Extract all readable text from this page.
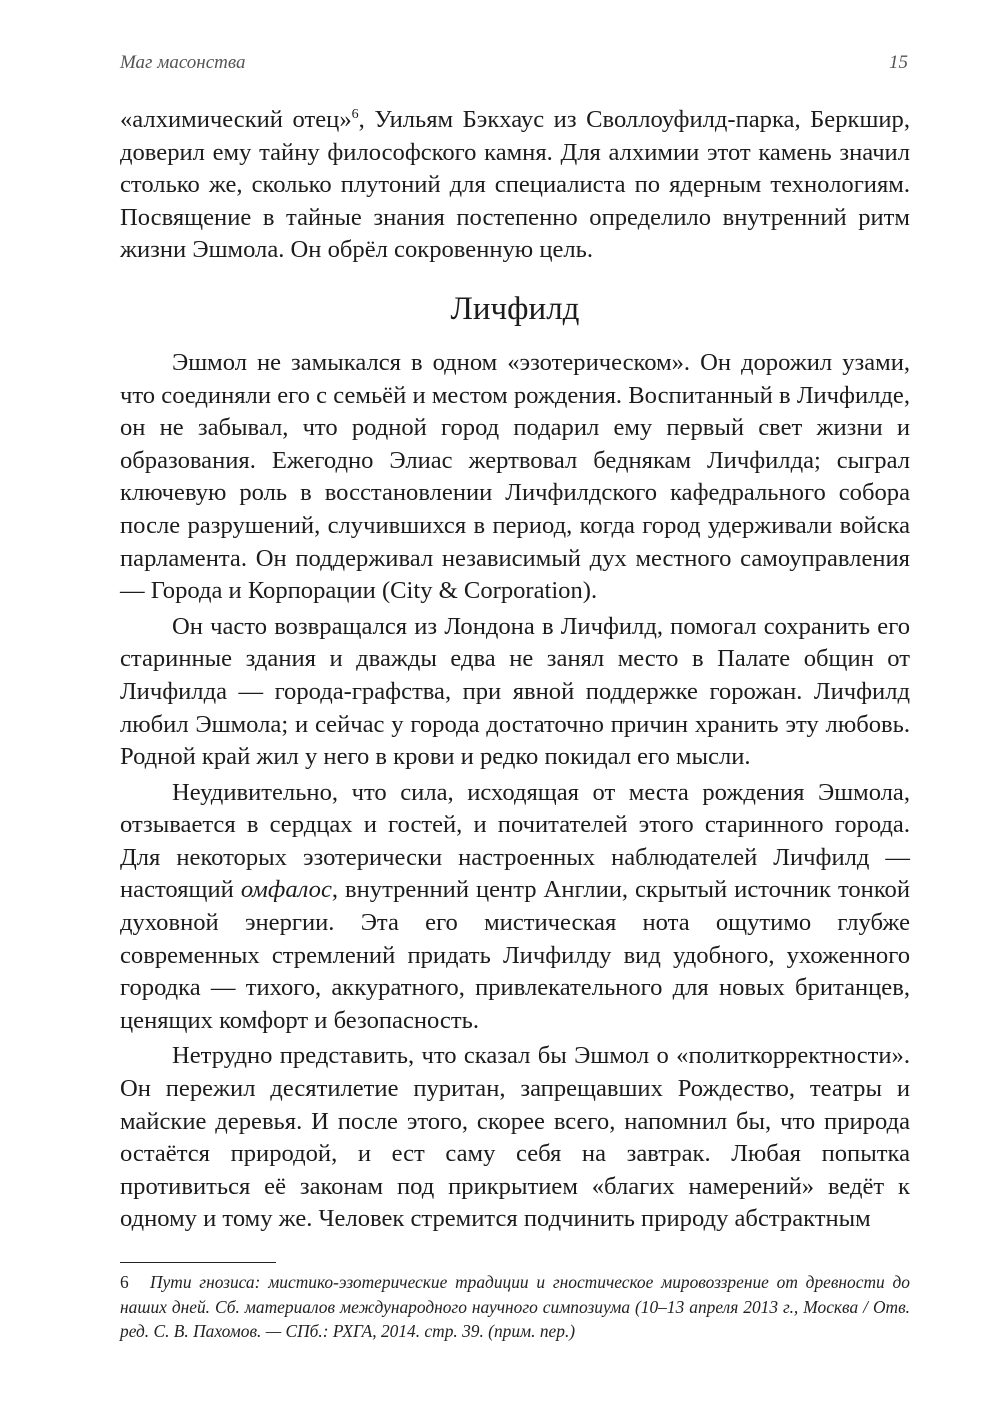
Маг масонства	15

«алхимический отец»$^6$, Уильям Бэкхаус из Своллоуфилд-парка, Беркшир, доверил ему тайну философского камня. Для алхимии этот камень значил столько же, сколько плутоний для специалиста по ядерным технологиям. Посвящение в тайные знания постепенно определило внутренний ритм жизни Эшмола. Он обрёл сокровенную цель.

Личфилд

Эшмол не замыкался в одном «эзотерическом». Он дорожил узами, что соединяли его с семьёй и местом рождения. Воспитанный в Личфилде, он не забывал, что родной город подарил ему первый свет жизни и образования. Ежегодно Элиас жертвовал беднякам Личфилда; сыграл ключевую роль в восстановлении Личфилдского кафедрального собора после разрушений, случившихся в период, когда город удерживали войска парламента. Он поддерживал независимый дух местного самоуправления — Города и Корпорации (City & Corporation).

Он часто возвращался из Лондона в Личфилд, помогал сохранить его старинные здания и дважды едва не занял место в Палате общин от Личфилда — города-графства, при явной поддержке горожан. Личфилд любил Эшмола; и сейчас у города достаточно причин хранить эту любовь. Родной край жил у него в крови и редко покидал его мысли.

Неудивительно, что сила, исходящая от места рождения Эшмола, отзывается в сердцах и гостей, и почитателей этого старинного города. Для некоторых эзотерически настроенных наблюдателей Личфилд — настоящий омфалос, внутренний центр Англии, скрытый источник тонкой духовной энергии. Эта его мистическая нота ощутимо глубже современных стремлений придать Личфилду вид удобного, ухоженного городка — тихого, аккуратного, привлекательного для новых британцев, ценящих комфорт и безопасность.

Нетрудно представить, что сказал бы Эшмол о «политкорректности». Он пережил десятилетие пуритан, запрещавших Рождество, театры и майские деревья. И после этого, скорее всего, напомнил бы, что природа остаётся природой, и ест саму себя на завтрак. Любая попытка противиться её законам под прикрытием «благих намерений» ведёт к одному и тому же. Человек стремится подчинить природу абстрактным

6 Пути гнозиса: мистико-эзотерические традиции и гностическое мировоззрение от древности до наших дней. Сб. материалов международного научного симпозиума (10–13 апреля 2013 г., Москва / Отв. ред. С. В. Пахомов. — СПб.: РХГА, 2014. стр. 39. (прим. пер.)
